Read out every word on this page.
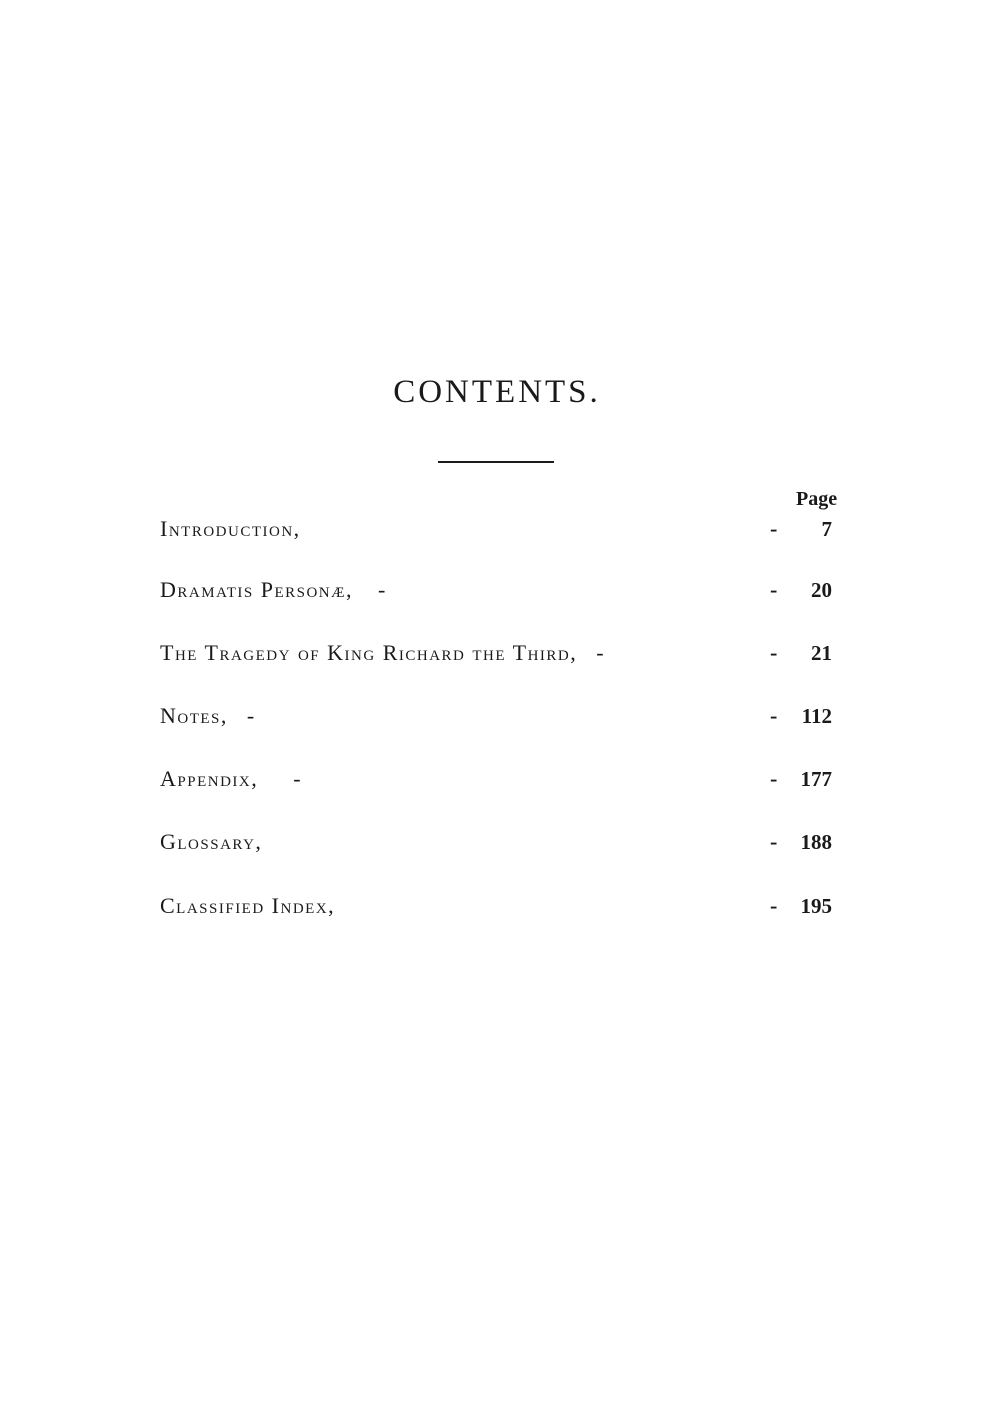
CONTENTS.
Page
Introduction,	-	7
Dramatis Personæ, -	-	20
The Tragedy of King Richard the Third, -	-	21
Notes, -	-	112
Appendix, -	-	177
Glossary,	-	188
Classified Index,	-	195
